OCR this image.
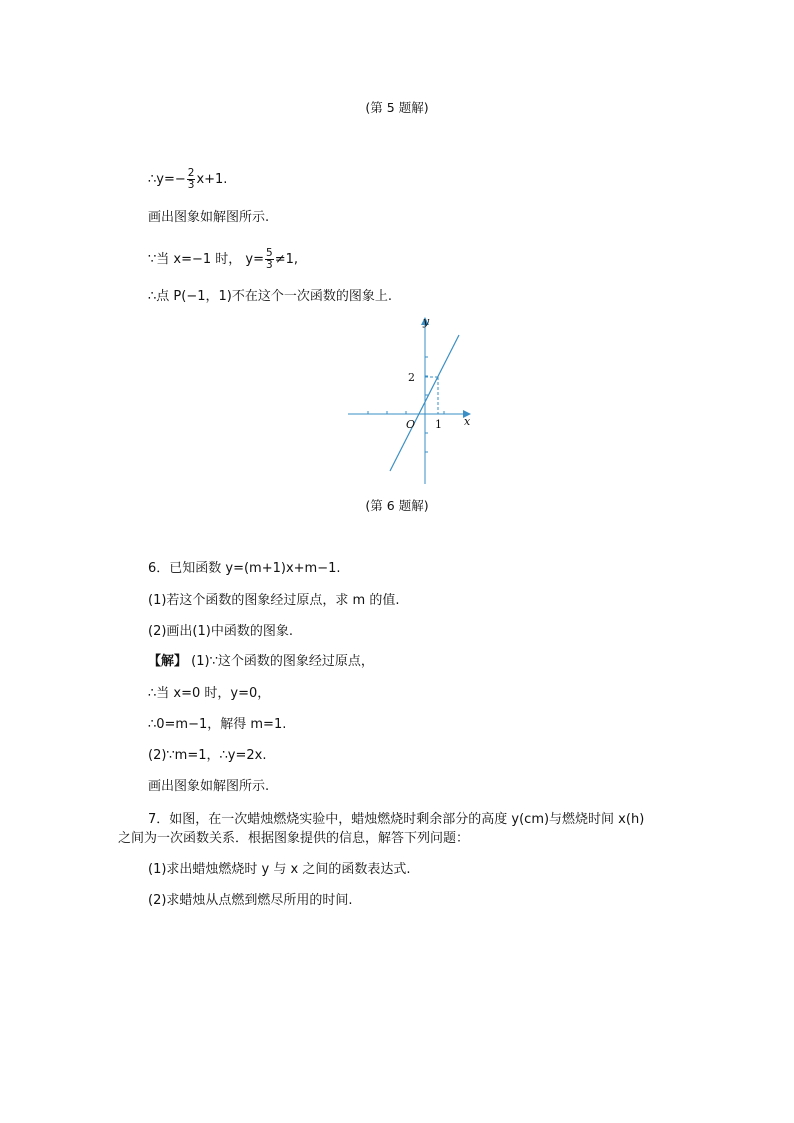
(第 5 题解)
∴y=− $\frac{2}{3} x+1$.
画出图象如解图所示.
∵当 x=−1 时， $y= \frac{5}{3} \ne 1$,
∴点 P(−1，1)不在这个一次函数的图象上.
y
x
O 1
2
(第 6 题解)
6．已知函数 y=(m+1)x+m−1.
(1)若这个函数的图象经过原点，求 m 的值.
(2)画出(1)中函数的图象.
【解】 (1)∵这个函数的图象经过原点，
∴当 x=0 时，y=0，
∴0=m−1，解得 m=1.
(2)∵m=1，∴y=2x.
画出图象如解图所示.
7．如图，在一次蜡烛燃烧实验中，蜡烛燃烧时剩余部分的高度 y(cm)与燃烧时间 x(h)
之间为一次函数关系．根据图象提供的信息，解答下列问题：
(1)求出蜡烛燃烧时 y 与 x 之间的函数表达式.
(2)求蜡烛从点燃到燃尽所用的时间.
